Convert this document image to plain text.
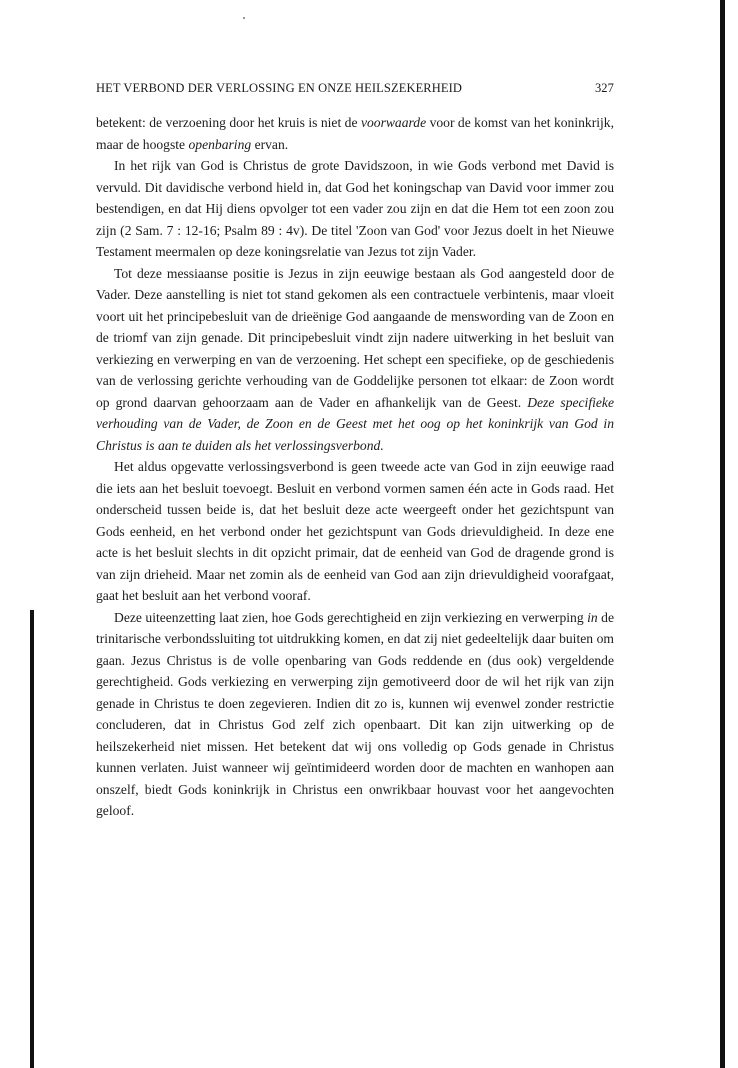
HET VERBOND DER VERLOSSING EN ONZE HEILSZEKERHEID	327

betekent: de verzoening door het kruis is niet de voorwaarde voor de komst van het koninkrijk, maar de hoogste openbaring ervan.

In het rijk van God is Christus de grote Davidszoon, in wie Gods verbond met David is vervuld. Dit davidische verbond hield in, dat God het koningschap van David voor immer zou bestendigen, en dat Hij diens opvolger tot een vader zou zijn en dat die Hem tot een zoon zou zijn (2 Sam. 7 : 12-16; Psalm 89 : 4v). De titel 'Zoon van God' voor Jezus doelt in het Nieuwe Testament meermalen op deze koningsrelatie van Jezus tot zijn Vader.

Tot deze messiaanse positie is Jezus in zijn eeuwige bestaan als God aangesteld door de Vader. Deze aanstelling is niet tot stand gekomen als een contractuele verbintenis, maar vloeit voort uit het principebesluit van de drieënige God aangaande de menswording van de Zoon en de triomf van zijn genade. Dit principebesluit vindt zijn nadere uitwerking in het besluit van verkiezing en verwerping en van de verzoening. Het schept een specifieke, op de geschiedenis van de verlossing gerichte verhouding van de Goddelijke personen tot elkaar: de Zoon wordt op grond daarvan gehoorzaam aan de Vader en afhankelijk van de Geest. Deze specifieke verhouding van de Vader, de Zoon en de Geest met het oog op het koninkrijk van God in Christus is aan te duiden als het verlossingsverbond.

Het aldus opgevatte verlossingsverbond is geen tweede acte van God in zijn eeuwige raad die iets aan het besluit toevoegt. Besluit en verbond vormen samen één acte in Gods raad. Het onderscheid tussen beide is, dat het besluit deze acte weergeeft onder het gezichtspunt van Gods eenheid, en het verbond onder het gezichtspunt van Gods drievuldigheid. In deze ene acte is het besluit slechts in dit opzicht primair, dat de eenheid van God de dragende grond is van zijn drieheid. Maar net zomin als de eenheid van God aan zijn drievuldigheid voorafgaat, gaat het besluit aan het verbond vooraf.

Deze uiteenzetting laat zien, hoe Gods gerechtigheid en zijn verkiezing en verwerping in de trinitarische verbondssluiting tot uitdrukking komen, en dat zij niet gedeeltelijk daar buiten om gaan. Jezus Christus is de volle openbaring van Gods reddende en (dus ook) vergeldende gerechtigheid. Gods verkiezing en verwerping zijn gemotiveerd door de wil het rijk van zijn genade in Christus te doen zegevieren. Indien dit zo is, kunnen wij evenwel zonder restrictie concluderen, dat in Christus God zelf zich openbaart. Dit kan zijn uitwerking op de heilszekerheid niet missen. Het betekent dat wij ons volledig op Gods genade in Christus kunnen verlaten. Juist wanneer wij geïntimideerd worden door de machten en wanhopen aan onszelf, biedt Gods koninkrijk in Christus een onwrikbaar houvast voor het aangevochten geloof.
